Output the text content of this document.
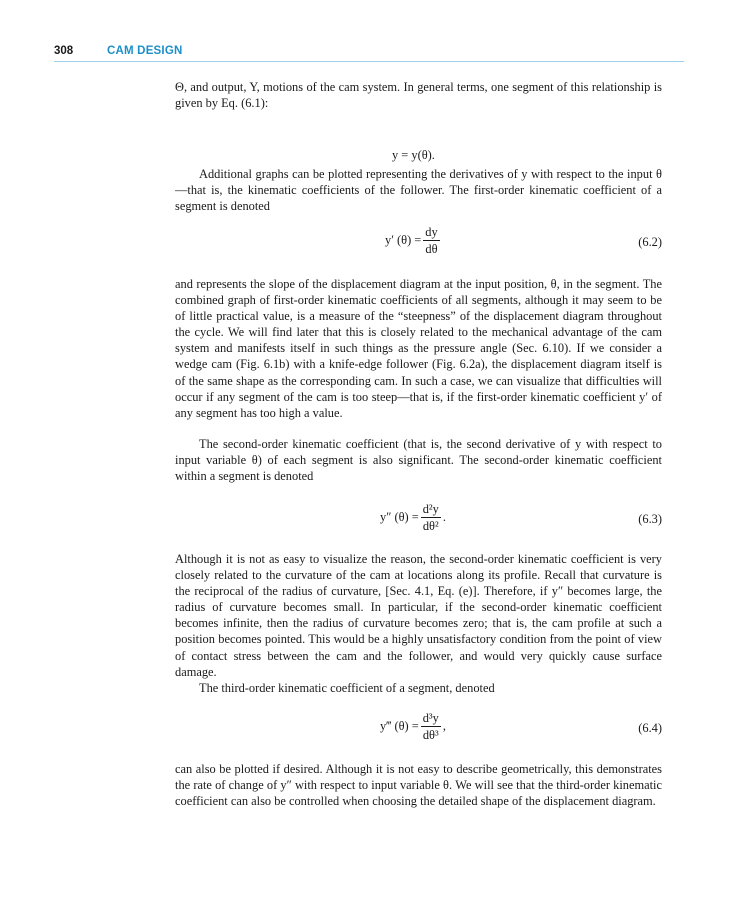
308	CAM DESIGN

Θ, and output, Y, motions of the cam system. In general terms, one segment of this relationship is given by Eq. (6.1):

y = y(θ).

Additional graphs can be plotted representing the derivatives of y with respect to the input θ—that is, the kinematic coefficients of the follower. The first-order kinematic coefficient of a segment is denoted

y′ $(\theta) = \frac{dy}{d\theta}$	(6.2)

and represents the slope of the displacement diagram at the input position, θ, in the segment. The combined graph of first-order kinematic coefficients of all segments, although it may seem to be of little practical value, is a measure of the “steepness” of the displacement diagram throughout the cycle. We will find later that this is closely related to the mechanical advantage of the cam system and manifests itself in such things as the pressure angle (Sec. 6.10). If we consider a wedge cam (Fig. 6.1b) with a knife-edge follower (Fig. 6.2a), the displacement diagram itself is of the same shape as the corresponding cam. In such a case, we can visualize that difficulties will occur if any segment of the cam is too steep—that is, if the first-order kinematic coefficient y′ of any segment has too high a value.

The second-order kinematic coefficient (that is, the second derivative of y with respect to input variable θ) of each segment is also significant. The second-order kinematic coefficient within a segment is denoted

y″ $(\theta) = \frac{\text{d²y}}{\text{dθ²}}$ .	(6.3)

Although it is not as easy to visualize the reason, the second-order kinematic coefficient is very closely related to the curvature of the cam at locations along its profile. Recall that curvature is the reciprocal of the radius of curvature, [Sec. 4.1, Eq. (e)]. Therefore, if y″ becomes large, the radius of curvature becomes small. In particular, if the second-order kinematic coefficient becomes infinite, then the radius of curvature becomes zero; that is, the cam profile at such a position becomes pointed. This would be a highly unsatisfactory condition from the point of view of contact stress between the cam and the follower, and would very quickly cause surface damage.

The third-order kinematic coefficient of a segment, denoted

y‴ $(\theta) = \frac{\text{d³y}}{\text{dθ³}}$ ,	(6.4)

can also be plotted if desired. Although it is not easy to describe geometrically, this demonstrates the rate of change of y″ with respect to input variable θ. We will see that the third-order kinematic coefficient can also be controlled when choosing the detailed shape of the displacement diagram.
